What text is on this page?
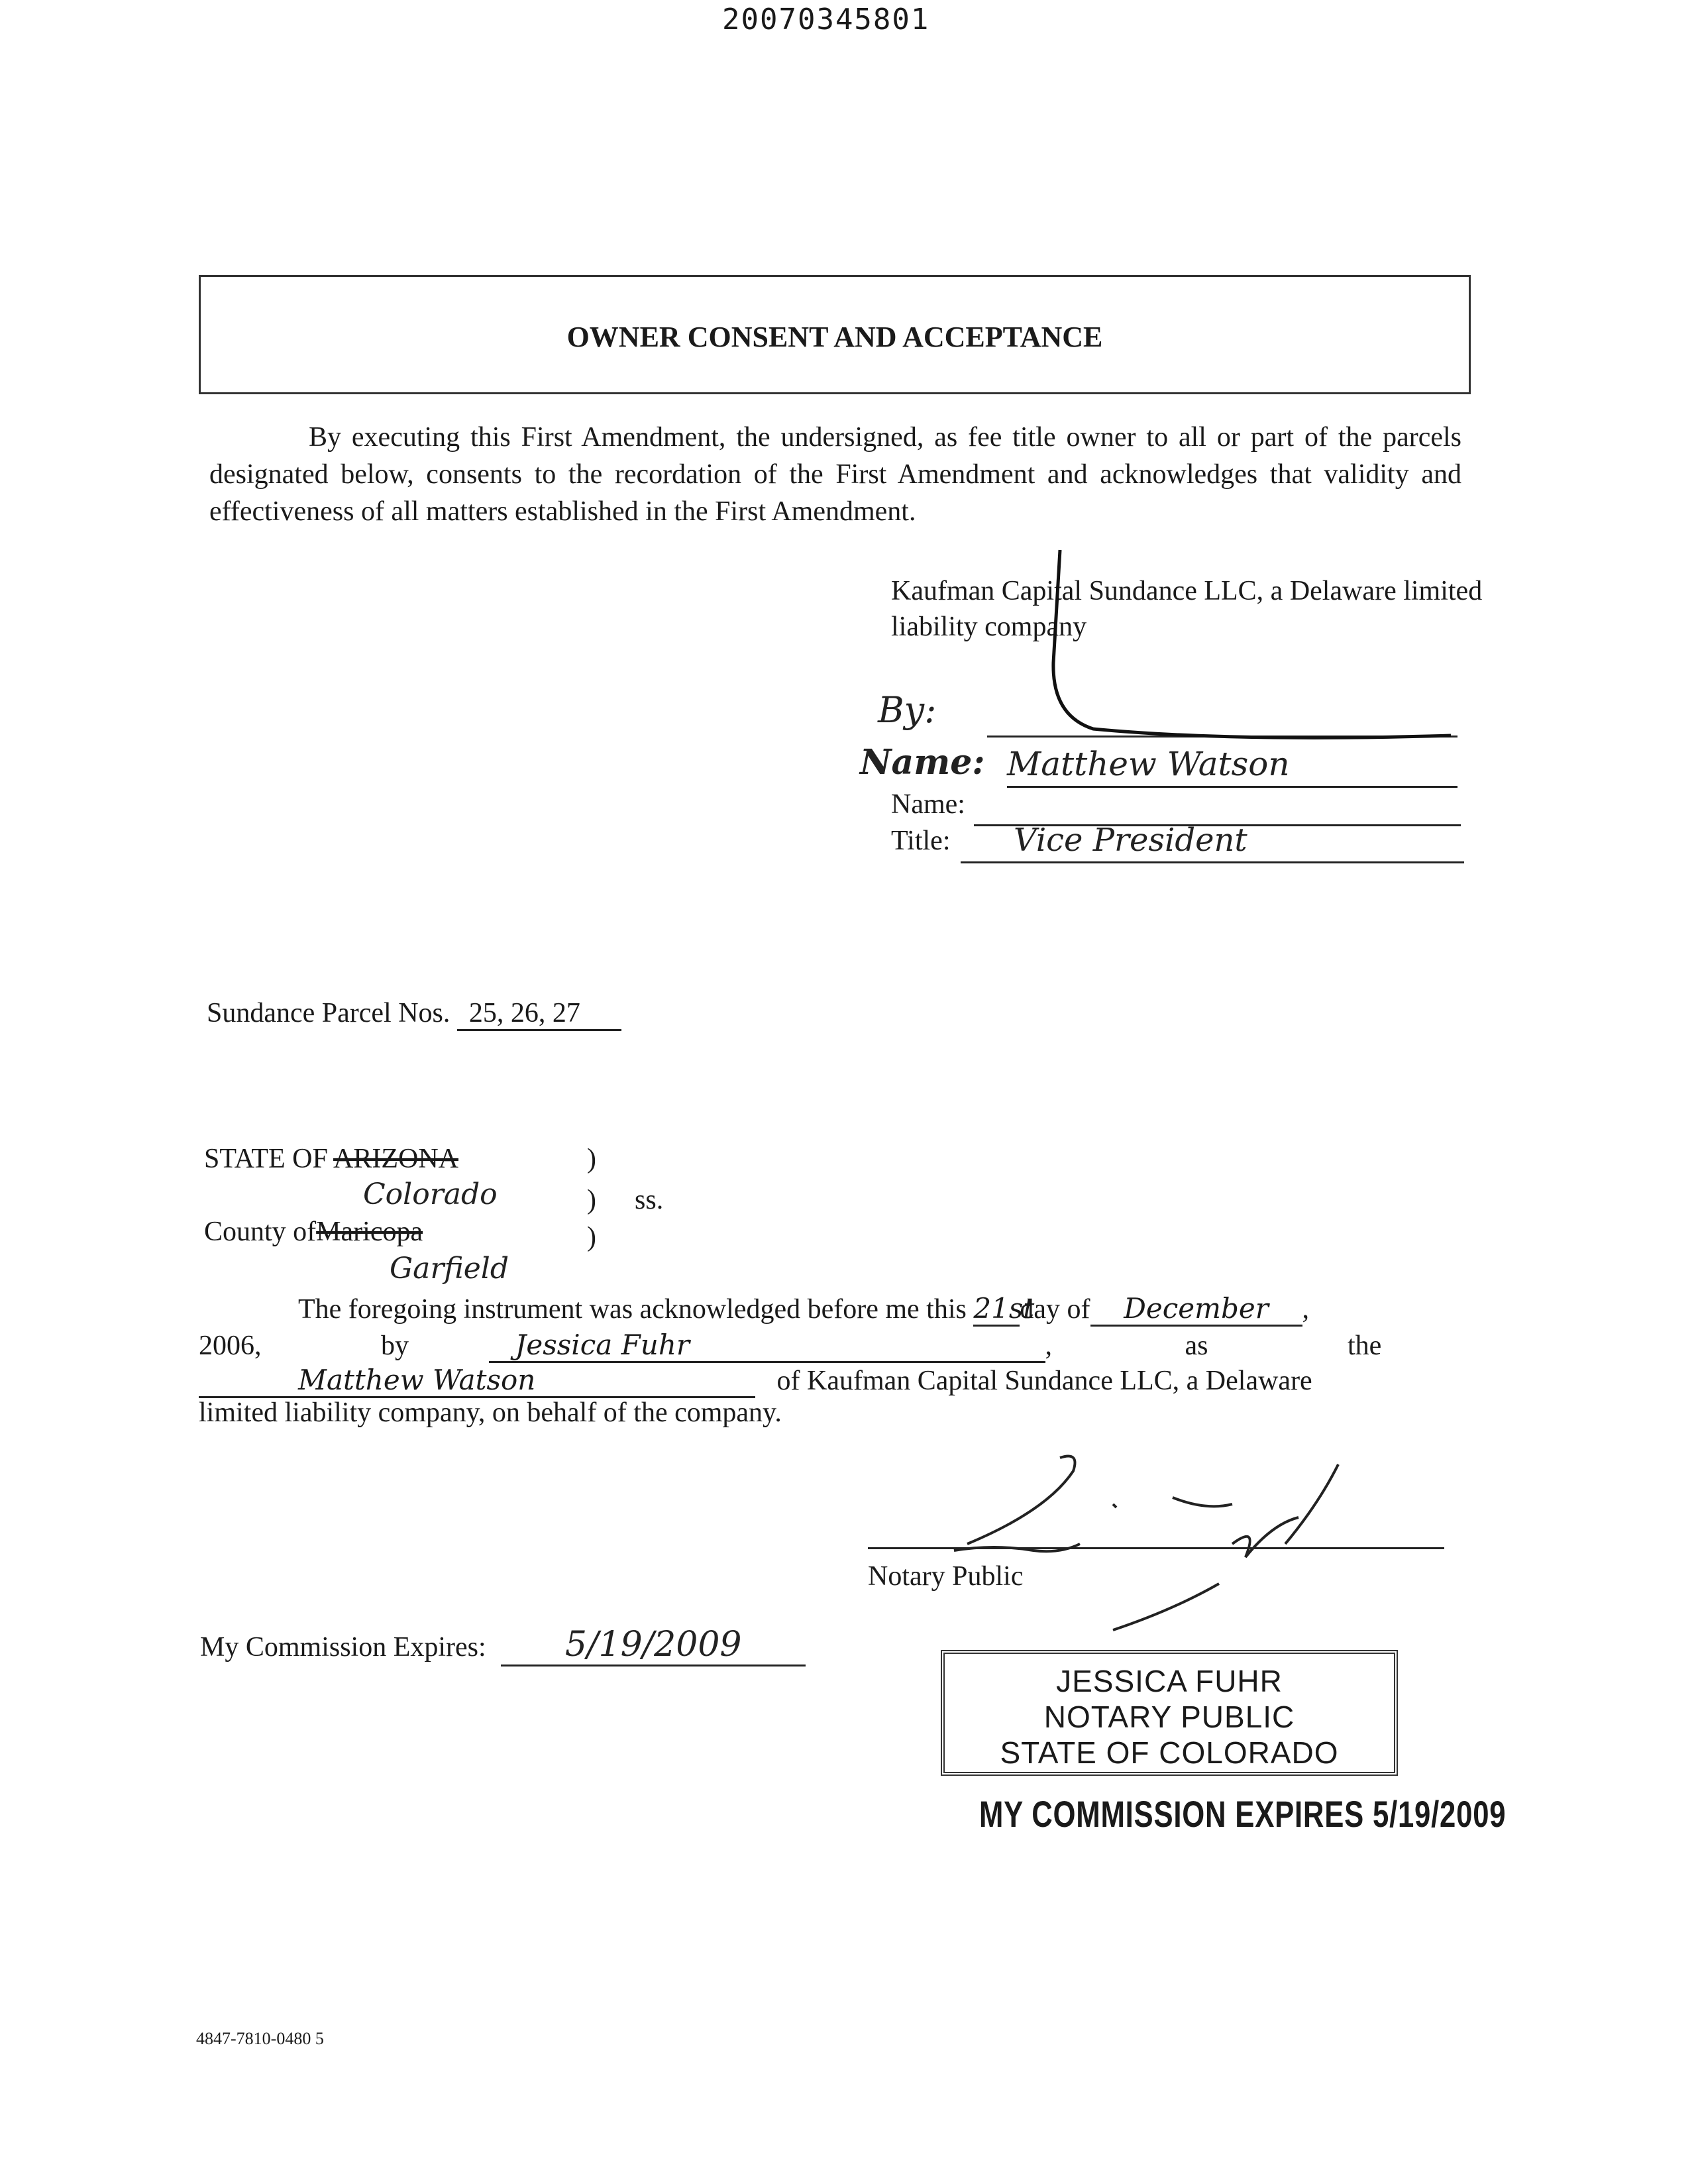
20070345801
OWNER CONSENT AND ACCEPTANCE
By executing this First Amendment, the undersigned, as fee title owner to all or part of the parcels designated below, consents to the recordation of the First Amendment and acknowledges that validity and effectiveness of all matters established in the First Amendment.
Kaufman Capital Sundance LLC, a Delaware limited liability company
By:
Name: Matthew Watson
Name:
Title:	Vice President
Sundance Parcel Nos. 25, 26, 27
STATE OF ARIZONA
Colorado
County ofMaricopa
Garfield
)
)
)
ss.
The foregoing instrument was acknowledged before me this 21stday of December ,
2006,	by	Jessica Fuhr	,	as	the
Matthew Watson	of Kaufman Capital Sundance LLC, a Delaware
limited liability company, on behalf of the company.
Notary Public
My Commission Expires: 5/19/2009
JESSICA FUHR
NOTARY PUBLIC
STATE OF COLORADO
MY COMMISSION EXPIRES 5/19/2009
4847-7810-0480 5
